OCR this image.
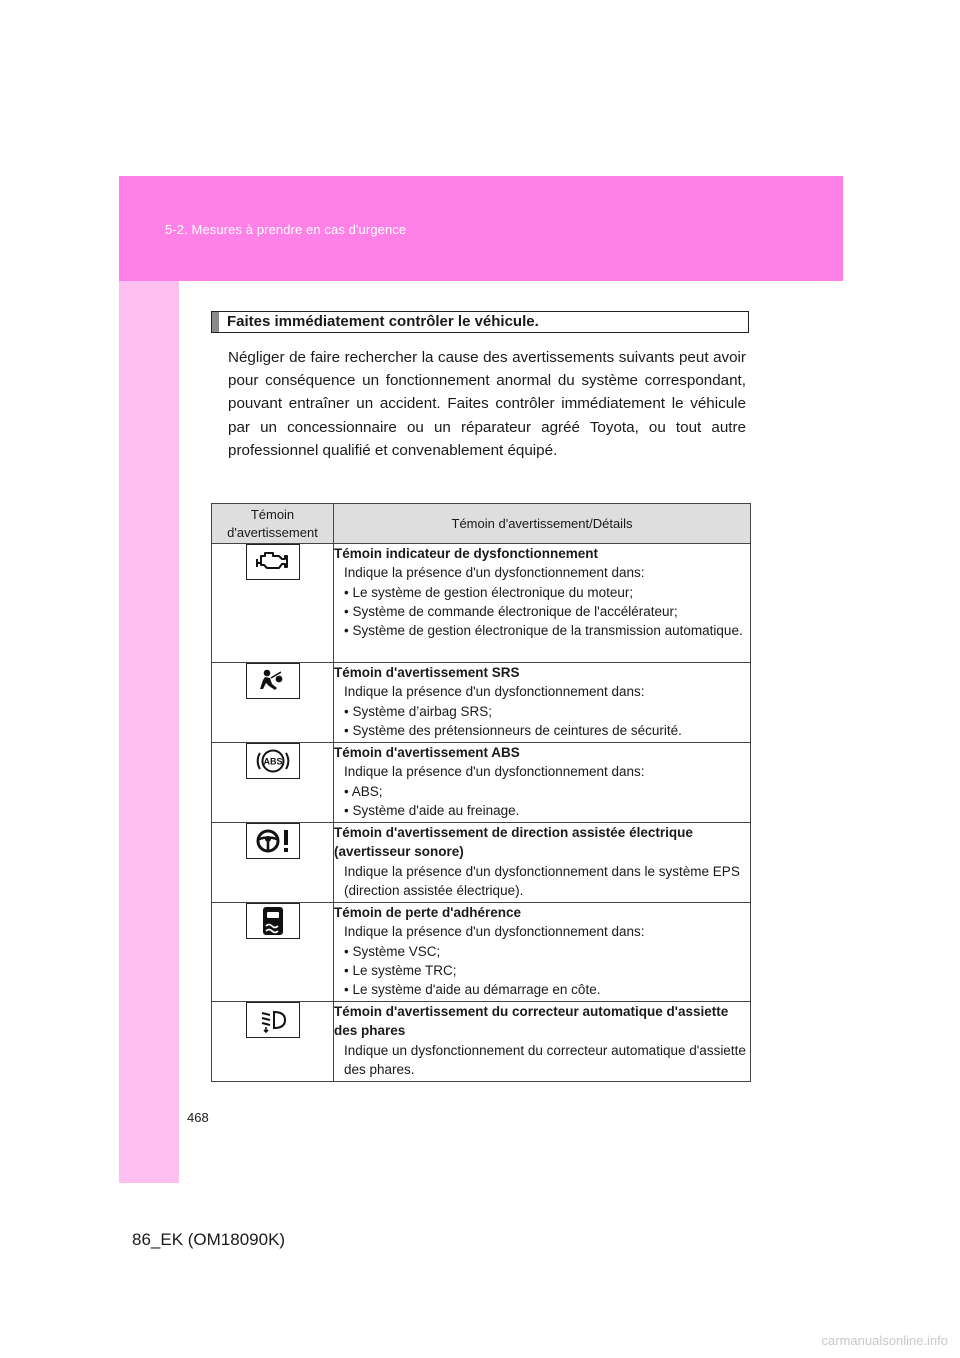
5-2. Mesures à prendre en cas d'urgence
Faites immédiatement contrôler le véhicule.
Négliger de faire rechercher la cause des avertissements suivants peut avoir pour conséquence un fonctionnement anormal du système correspondant, pouvant entraîner un accident. Faites contrôler immédiatement le véhicule par un concessionnaire ou un réparateur agréé Toyota, ou tout autre professionnel qualifié et convenablement équipé.
Témoin d'avertissement	Témoin d'avertissement/Détails

Témoin indicateur de dysfonctionnement
Indique la présence d'un dysfonctionnement dans:
• Le système de gestion électronique du moteur;
• Système de commande électronique de l'accélérateur;
• Système de gestion électronique de la transmission automatique.

Témoin d'avertissement SRS
Indique la présence d'un dysfonctionnement dans:
• Système d’airbag SRS;
• Système des prétensionneurs de ceintures de sécurité.

ABS	Témoin d'avertissement ABS
Indique la présence d'un dysfonctionnement dans:
• ABS;
• Système d'aide au freinage.

Témoin d'avertissement de direction assistée électrique (avertisseur sonore)
Indique la présence d'un dysfonctionnement dans le système EPS (direction assistée électrique).

Témoin de perte d'adhérence
Indique la présence d'un dysfonctionnement dans:
• Système VSC;
• Le système TRC;
• Le système d'aide au démarrage en côte.

Témoin d'avertissement du correcteur automatique d'assiette des phares
Indique un dysfonctionnement du correcteur automatique d'assiette des phares.
468
86_EK (OM18090K)
carmanualsonline.info
